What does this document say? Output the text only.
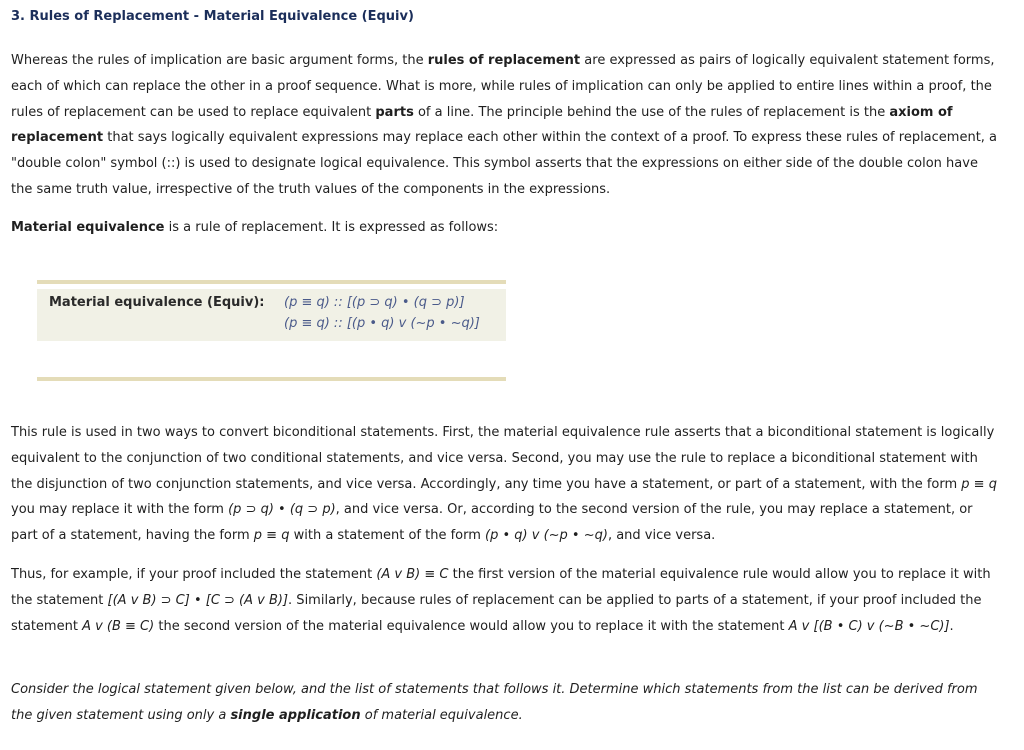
3. Rules of Replacement - Material Equivalence (Equiv)

Whereas the rules of implication are basic argument forms, the rules of replacement are expressed as pairs of logically equivalent statement forms, each of which can replace the other in a proof sequence. What is more, while rules of implication can only be applied to entire lines within a proof, the rules of replacement can be used to replace equivalent parts of a line. The principle behind the use of the rules of replacement is the axiom of replacement that says logically equivalent expressions may replace each other within the context of a proof. To express these rules of replacement, a "double colon" symbol (::) is used to designate logical equivalence. This symbol asserts that the expressions on either side of the double colon have the same truth value, irrespective of the truth values of the components in the expressions.

Material equivalence is a rule of replacement. It is expressed as follows:

Material equivalence (Equiv): (p ≡ q) :: [(p ⊃ q) • (q ⊃ p)]
(p ≡ q) :: [(p • q) v (~p • ~q)]

This rule is used in two ways to convert biconditional statements. First, the material equivalence rule asserts that a biconditional statement is logically equivalent to the conjunction of two conditional statements, and vice versa. Second, you may use the rule to replace a biconditional statement with the disjunction of two conjunction statements, and vice versa. Accordingly, any time you have a statement, or part of a statement, with the form p ≡ q you may replace it with the form (p ⊃ q) • (q ⊃ p), and vice versa. Or, according to the second version of the rule, you may replace a statement, or part of a statement, having the form p ≡ q with a statement of the form (p • q) v (~p • ~q), and vice versa.

Thus, for example, if your proof included the statement (A v B) ≡ C the first version of the material equivalence rule would allow you to replace it with the statement [(A v B) ⊃ C] • [C ⊃ (A v B)]. Similarly, because rules of replacement can be applied to parts of a statement, if your proof included the statement A v (B ≡ C) the second version of the material equivalence would allow you to replace it with the statement A v [(B • C) v (~B • ~C)].

Consider the logical statement given below, and the list of statements that follows it. Determine which statements from the list can be derived from the given statement using only a single application of material equivalence.
